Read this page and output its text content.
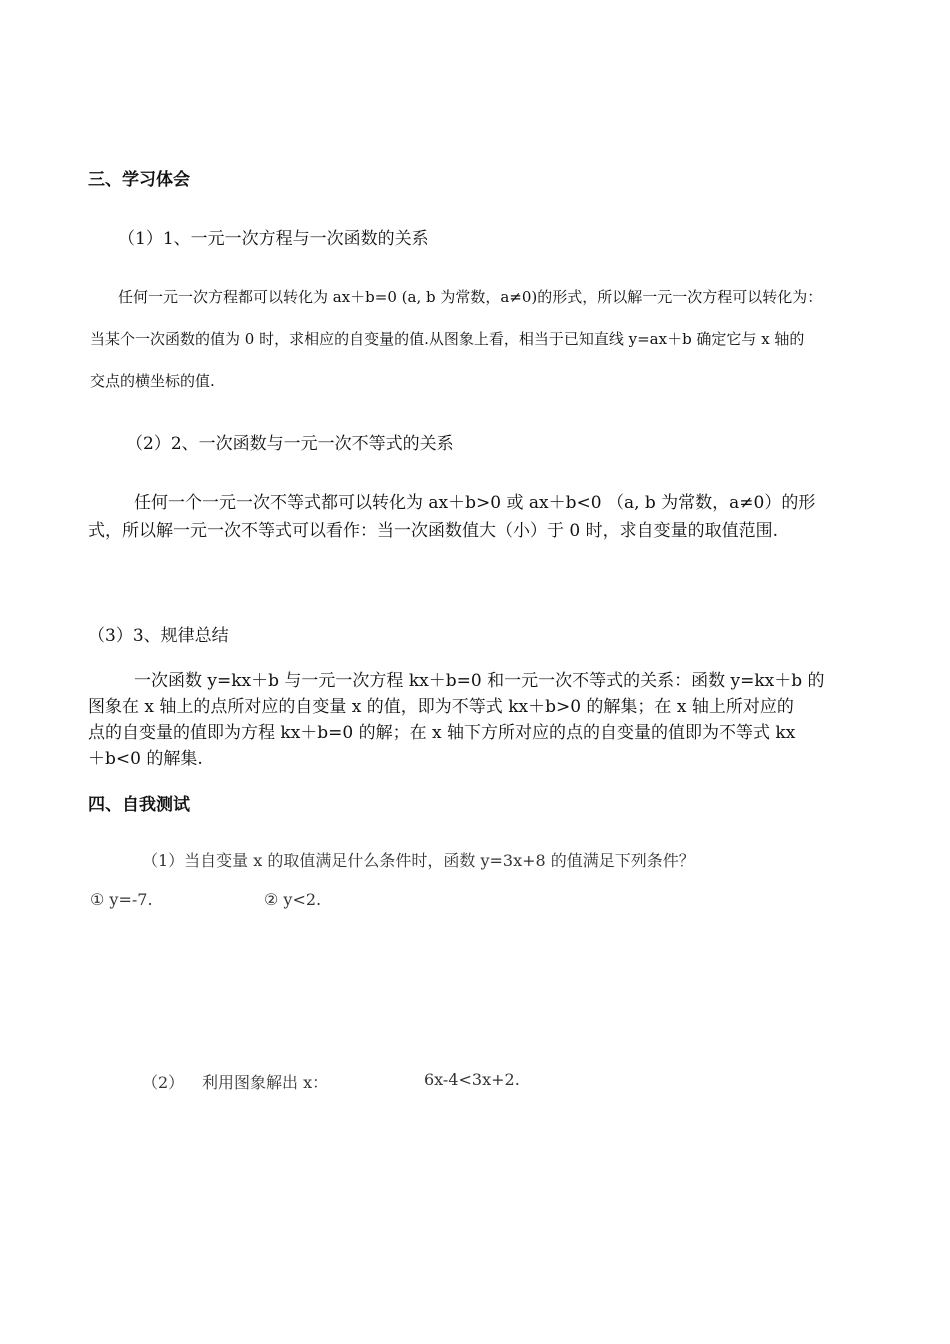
三、学习体会
（1）1、一元一次方程与一次函数的关系
任何一元一次方程都可以转化为 ax＋b=0 (a, b 为常数，a≠0)的形式，所以解一元一次方程可以转化为：
当某个一次函数的值为 0 时，求相应的自变量的值.从图象上看，相当于已知直线 y=ax＋b 确定它与 x 轴的
交点的横坐标的值.
（2）2、一次函数与一元一次不等式的关系
任何一个一元一次不等式都可以转化为 ax＋b>0 或 ax＋b<0 （a, b 为常数，a≠0）的形
式，所以解一元一次不等式可以看作：当一次函数值大（小）于 0 时，求自变量的取值范围.
（3）3、规律总结
一次函数 y=kx＋b 与一元一次方程 kx＋b=0 和一元一次不等式的关系：函数 y=kx＋b 的
图象在 x 轴上的点所对应的自变量 x 的值，即为不等式 kx＋b>0 的解集；在 x 轴上所对应的
点的自变量的值即为方程 kx＋b=0 的解；在 x 轴下方所对应的点的自变量的值即为不等式 kx
＋b<0 的解集.
四、自我测试
（1）当自变量 x 的取值满足什么条件时，函数 y=3x+8 的值满足下列条件？
① y=-7.	② y<2.
（2） 利用图象解出 x：	6x-4<3x+2.
